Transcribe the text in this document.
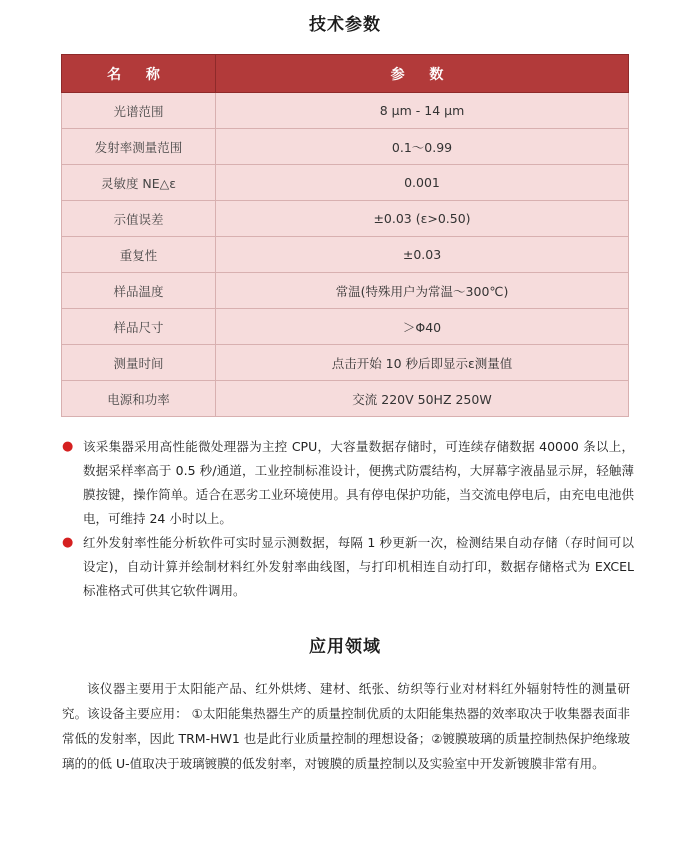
技术参数
名 称	参 数
光谱范围	8 μm - 14 μm
发射率测量范围	0.1～0.99
灵敏度 NE△ε	0.001
示值误差	±0.03 (ε>0.50)
重复性	±0.03
样品温度	常温(特殊用户为常温～300℃)
样品尺寸	＞Φ40
测量时间	点击开始 10 秒后即显示ε测量值
电源和功率	交流 220V 50HZ 250W
● 该采集器采用高性能微处理器为主控 CPU，大容量数据存储时，可连续存储数据 40000 条以上，数据采样率高于 0.5 秒/通道，工业控制标准设计，便携式防震结构，大屏幕字液晶显示屏，轻触薄膜按键，操作简单。适合在恶劣工业环境使用。具有停电保护功能，当交流电停电后，由充电电池供电，可维持 24 小时以上。
● 红外发射率性能分析软件可实时显示测数据，每隔 1 秒更新一次，检测结果自动存储（存时间可以设定)，自动计算并绘制材料红外发射率曲线图，与打印机相连自动打印，数据存储格式为 EXCEL 标准格式可供其它软件调用。
应用领域
该仪器主要用于太阳能产品、红外烘烤、建材、纸张、纺织等行业对材料红外辐射特性的测量研究。该设备主要应用： ①太阳能集热器生产的质量控制优质的太阳能集热器的效率取决于收集器表面非常低的发射率，因此 TRM-HW1 也是此行业质量控制的理想设备；②镀膜玻璃的质量控制热保护绝缘玻璃的的低 U-值取决于玻璃镀膜的低发射率，对镀膜的质量控制以及实验室中开发新镀膜非常有用。
